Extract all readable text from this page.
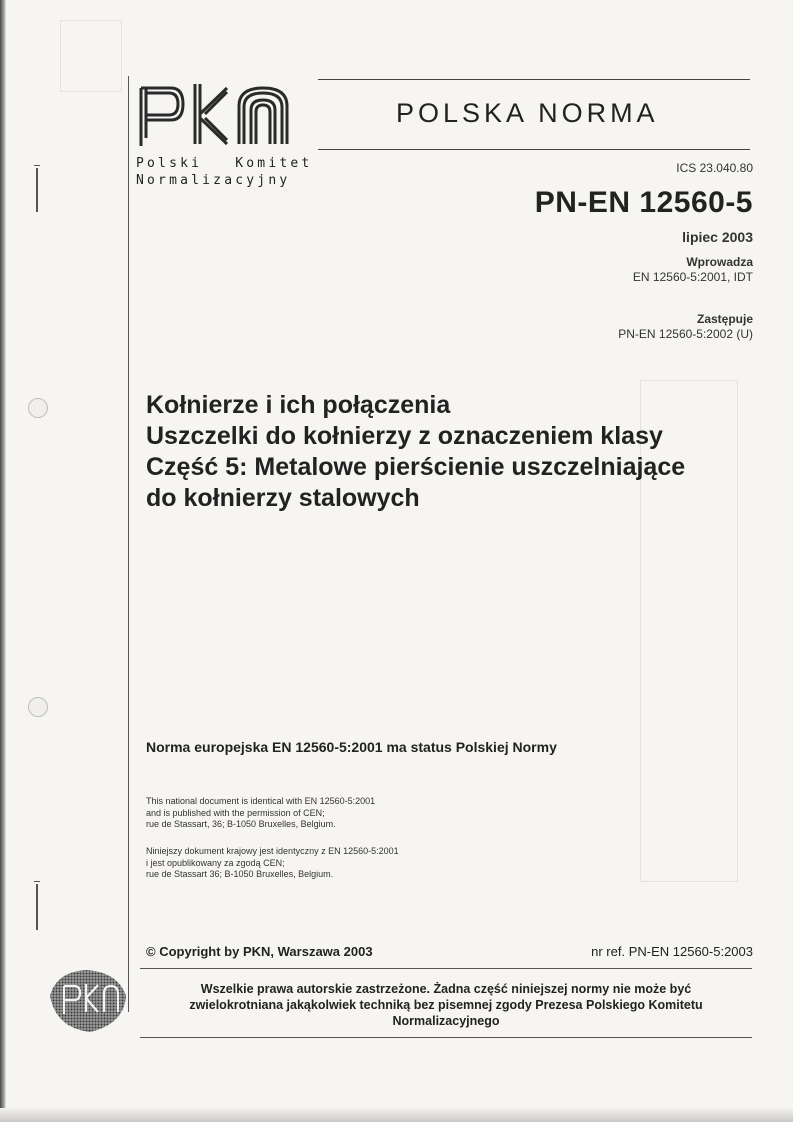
Polski   Komitet
Normalizacyjny
POLSKA NORMA
ICS 23.040.80
PN-EN 12560-5
lipiec 2003
Wprowadza
EN 12560-5:2001, IDT
Zastępuje
PN-EN 12560-5:2002 (U)
Kołnierze i ich połączenia
Uszczelki do kołnierzy z oznaczeniem klasy
Część 5: Metalowe pierścienie uszczelniające
do kołnierzy stalowych
Norma europejska EN 12560-5:2001 ma status Polskiej Normy
This national document is identical with EN 12560-5:2001
and is published with the permission of CEN;
rue de Stassart, 36; B-1050 Bruxelles, Belgium.
Niniejszy dokument krajowy jest identyczny z EN 12560-5:2001
i jest opublikowany za zgodą CEN;
rue de Stassart 36; B-1050 Bruxelles, Belgium.
© Copyright by PKN, Warszawa 2003	nr ref. PN-EN 12560-5:2003
Wszelkie prawa autorskie zastrzeżone. Żadna część niniejszej normy nie może być
zwielokrotniana jakąkolwiek techniką bez pisemnej zgody Prezesa Polskiego Komitetu
Normalizacyjnego
